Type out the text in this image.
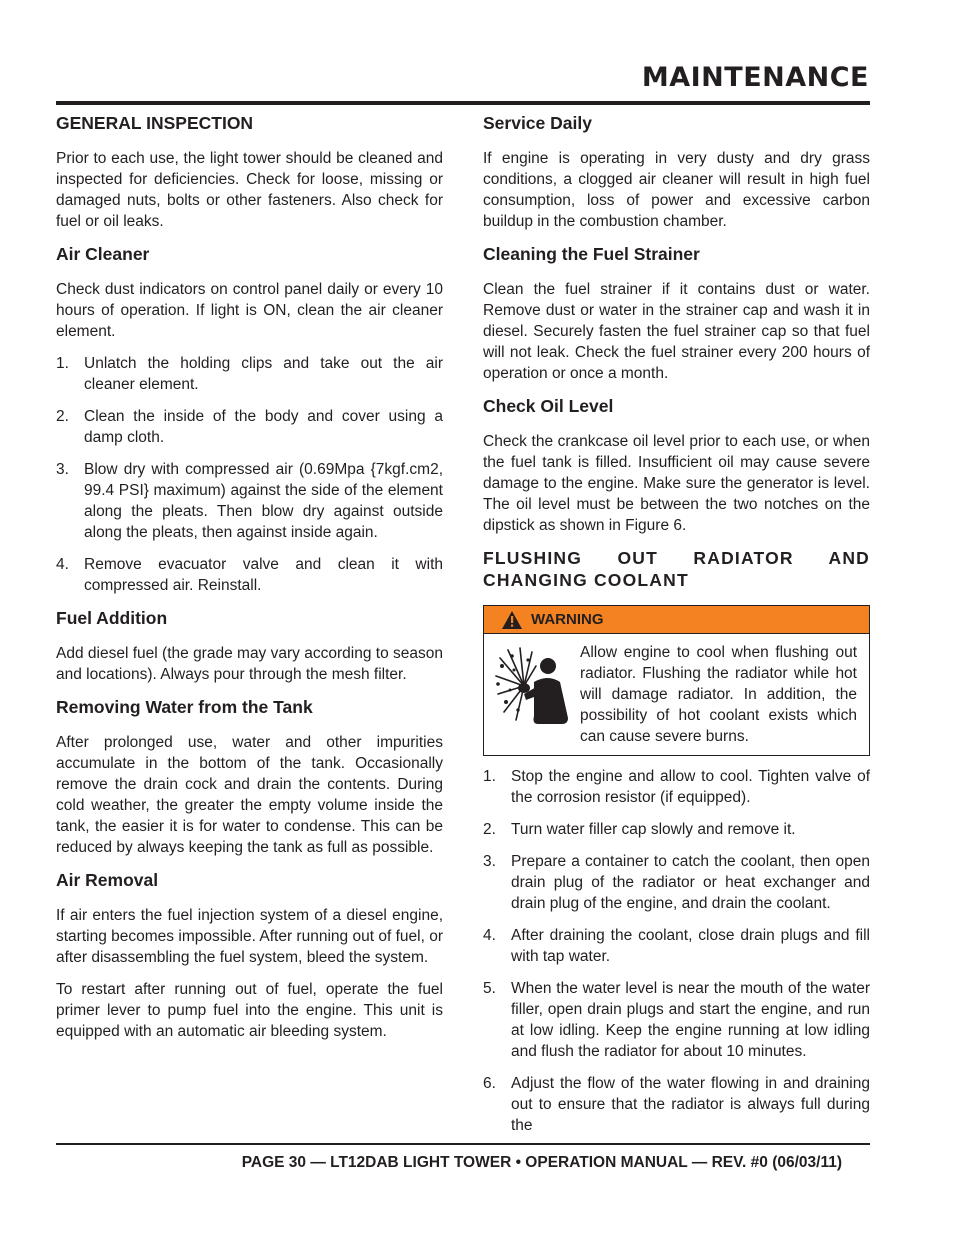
MAINTENANCE
GENERAL INSPECTION

Prior to each use, the light tower should be cleaned and inspected for deficiencies. Check for loose, missing or damaged nuts, bolts or other fasteners. Also check for fuel or oil leaks.

Air Cleaner

Check dust indicators on control panel daily or every 10 hours of operation. If light is ON, clean the air cleaner element.

1. Unlatch the holding clips and take out the air cleaner element.
2. Clean the inside of the body and cover using a damp cloth.
3. Blow dry with compressed air (0.69Mpa {7kgf.cm2, 99.4 PSI} maximum) against the side of the element along the pleats. Then blow dry against outside along the pleats, then against inside again.
4. Remove evacuator valve and clean it with compressed air. Reinstall.
Fuel Addition

Add diesel fuel (the grade may vary according to season and locations). Always pour through the mesh filter.

Removing Water from the Tank

After prolonged use, water and other impurities accumulate in the bottom of the tank. Occasionally remove the drain cock and drain the contents. During cold weather, the greater the empty volume inside the tank, the easier it is for water to condense. This can be reduced by always keeping the tank as full as possible.

Air Removal

If air enters the fuel injection system of a diesel engine, starting becomes impossible. After running out of fuel, or after disassembling the fuel system, bleed the system.

To restart after running out of fuel, operate the fuel primer lever to pump fuel into the engine. This unit is equipped with an automatic air bleeding system.

Service Daily

If engine is operating in very dusty and dry grass conditions, a clogged air cleaner will result in high fuel consumption, loss of power and excessive carbon buildup in the combustion chamber.

Cleaning the Fuel Strainer

Clean the fuel strainer if it contains dust or water. Remove dust or water in the strainer cap and wash it in diesel. Securely fasten the fuel strainer cap so that fuel will not leak. Check the fuel strainer every 200 hours of operation or once a month.

Check Oil Level

Check the crankcase oil level prior to each use, or when the fuel tank is filled. Insufficient oil may cause severe damage to the engine. Make sure the generator is level. The oil level must be between the two notches on the dipstick as shown in Figure 6.

FLUSHING OUT RADIATOR AND CHANGING COOLANT
WARNING
Allow engine to cool when flushing out radiator. Flushing the radiator while hot will damage radiator. In addition, the possibility of hot coolant exists which can cause severe burns.
1. Stop the engine and allow to cool. Tighten valve of the corrosion resistor (if equipped).
2. Turn water filler cap slowly and remove it.
3. Prepare a container to catch the coolant, then open drain plug of the radiator or heat exchanger and drain plug of the engine, and drain the coolant.
4. After draining the coolant, close drain plugs and fill with tap water.
5. When the water level is near the mouth of the water filler, open drain plugs and start the engine, and run at low idling. Keep the engine running at low idling and flush the radiator for about 10 minutes.
6. Adjust the flow of the water flowing in and draining out to ensure that the radiator is always full during the
PAGE 30 — LT12DAB LIGHT TOWER • OPERATION MANUAL — REV. #0 (06/03/11)
